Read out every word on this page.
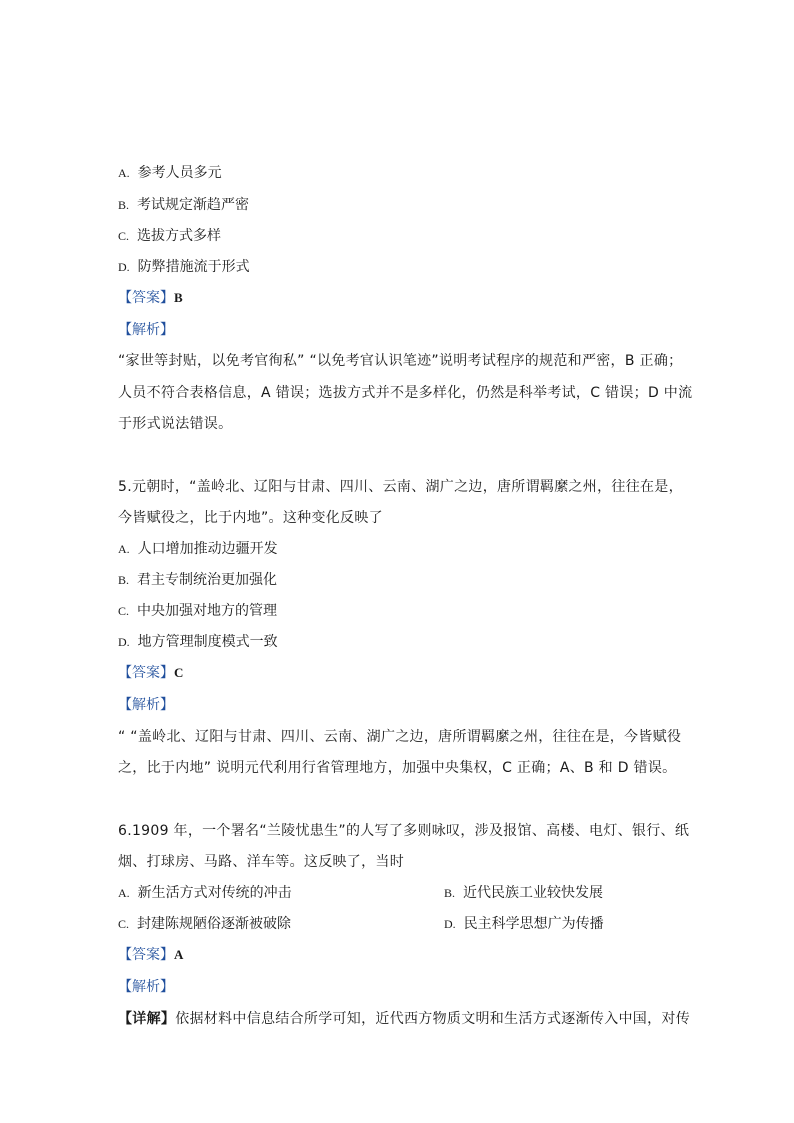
A. 参考人员多元
B. 考试规定渐趋严密
C. 选拔方式多样
D. 防弊措施流于形式
【答案】B
【解析】
“家世等封贴，以免考官徇私” “以免考官认识笔迹”说明考试程序的规范和严密，B 正确；
人员不符合表格信息，A 错误；选拔方式并不是多样化，仍然是科举考试，C 错误；D 中流
于形式说法错误。
5.元朝时，“盖岭北、辽阳与甘肃、四川、云南、湖广之边，唐所谓羁縻之州，往往在是，
今皆赋役之，比于内地”。这种变化反映了
A. 人口增加推动边疆开发
B. 君主专制统治更加强化
C. 中央加强对地方的管理
D. 地方管理制度模式一致
【答案】C
【解析】
“ “盖岭北、辽阳与甘肃、四川、云南、湖广之边，唐所谓羁縻之州，往往在是，今皆赋役
之，比于内地” 说明元代利用行省管理地方，加强中央集权，C 正确；A、B 和 D 错误。
6.1909 年，一个署名“兰陵忧患生”的人写了多则咏叹，涉及报馆、高楼、电灯、银行、纸
烟、打球房、马路、洋车等。这反映了，当时
A. 新生活方式对传统的冲击	B. 近代民族工业较快发展
C. 封建陈规陋俗逐渐被破除	D. 民主科学思想广为传播
【答案】A
【解析】
【详解】依据材料中信息结合所学可知，近代西方物质文明和生活方式逐渐传入中国，对传
